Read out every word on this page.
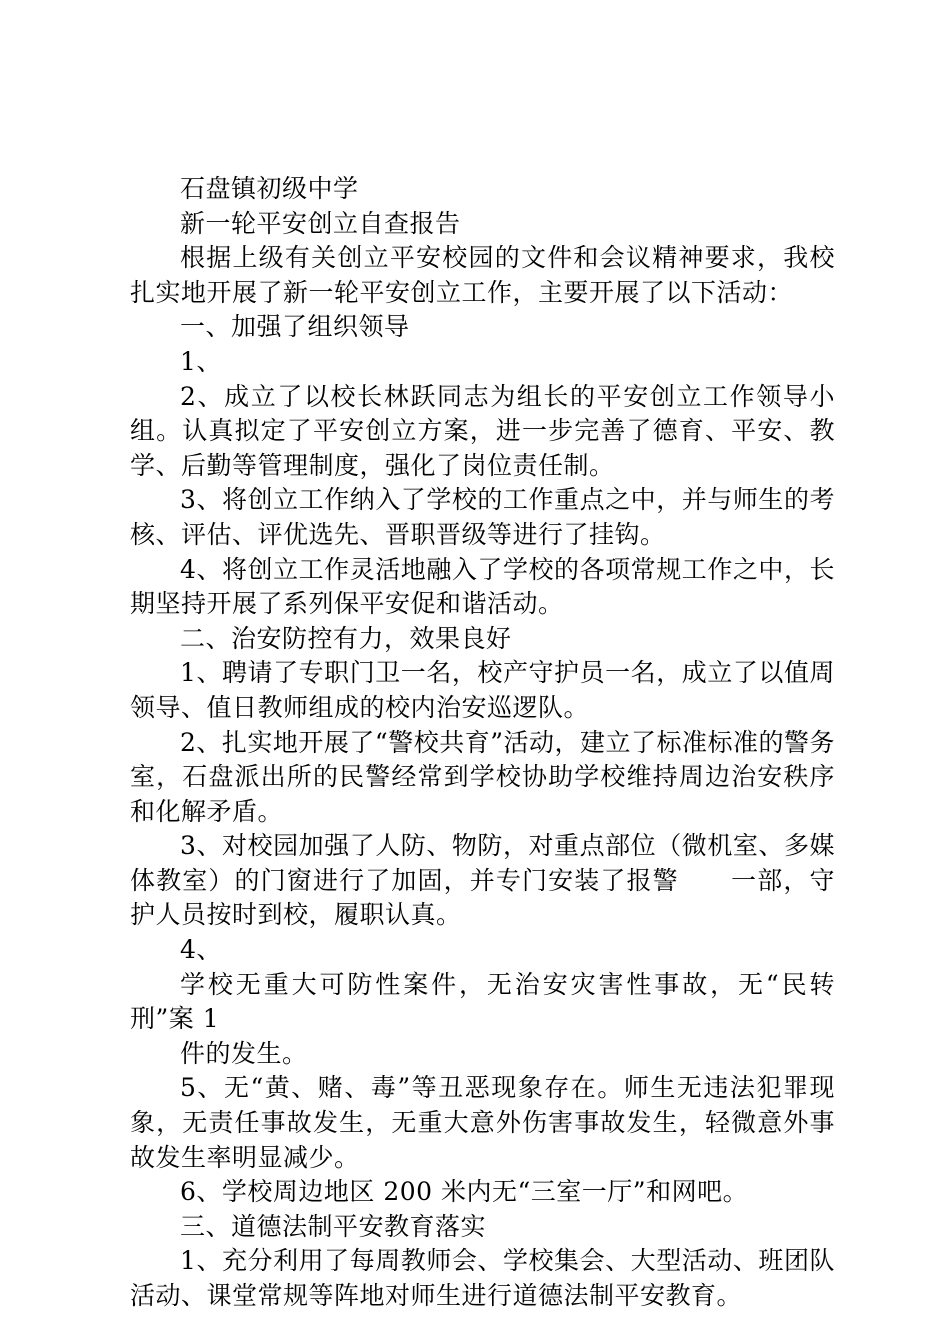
石盘镇初级中学

新一轮平安创立自查报告

根据上级有关创立平安校园的文件和会议精神要求，我校扎实地开展了新一轮平安创立工作，主要开展了以下活动：

一、加强了组织领导

1、

2、成立了以校长林跃同志为组长的平安创立工作领导小组。认真拟定了平安创立方案，进一步完善了德育、平安、教学、后勤等管理制度，强化了岗位责任制。

3、将创立工作纳入了学校的工作重点之中，并与师生的考核、评估、评优选先、晋职晋级等进行了挂钩。

4、将创立工作灵活地融入了学校的各项常规工作之中，长期坚持开展了系列保平安促和谐活动。

二、治安防控有力，效果良好

1、聘请了专职门卫一名，校产守护员一名，成立了以值周领导、值日教师组成的校内治安巡逻队。

2、扎实地开展了“警校共育”活动，建立了标准标准的警务室，石盘派出所的民警经常到学校协助学校维持周边治安秩序和化解矛盾。

3、对校园加强了人防、物防，对重点部位（微机室、多媒体教室）的门窗进行了加固，并专门安装了报警　　一部，守护人员按时到校，履职认真。

4、

学校无重大可防性案件，无治安灾害性事故，无“民转刑”案 1

件的发生。

5、无“黄、赌、毒”等丑恶现象存在。师生无违法犯罪现象，无责任事故发生，无重大意外伤害事故发生，轻微意外事故发生率明显减少。

6、学校周边地区 200 米内无“三室一厅”和网吧。

三、道德法制平安教育落实

1、充分利用了每周教师会、学校集会、大型活动、班团队活动、课堂常规等阵地对师生进行道德法制平安教育。
